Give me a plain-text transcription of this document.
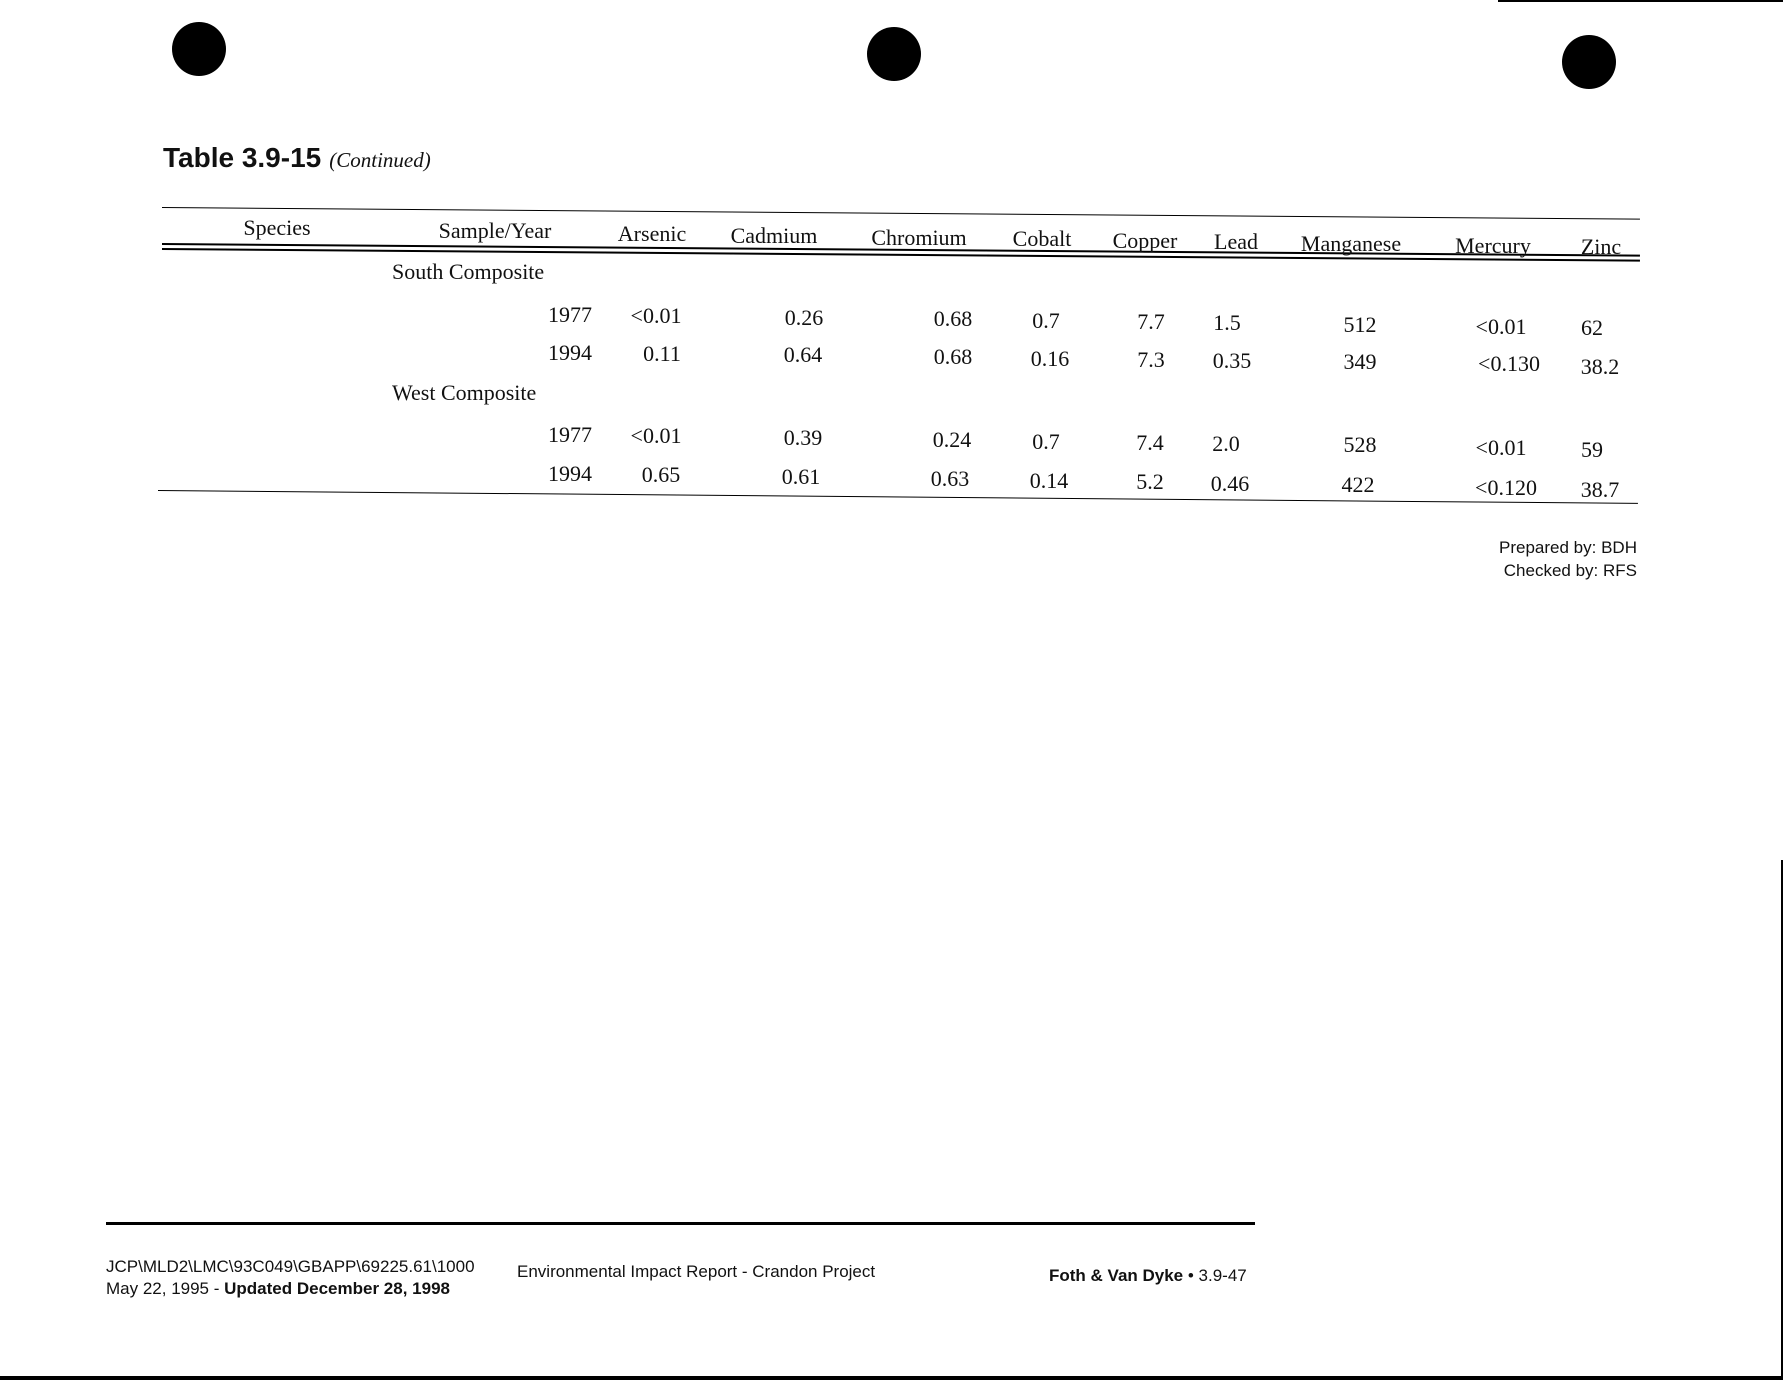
Table 3.9-15 (Continued)
Species	Sample/Year	Arsenic Cadmium Chromium Cobalt Copper Lead Manganese Mercury Zinc
South Composite
1977 <0.01	0.26	0.68	0.7	7.7 1.5	512	<0.01 62
1994 0.11	0.64	0.68	0.16	7.3 0.35	349	<0.130 38.2
West Composite
1977 <0.01	0.39	0.24	0.7	7.4 2.0	528	<0.01 59
1994 0.65	0.61	0.63	0.14	5.2 0.46	422	<0.120 38.7
Prepared by: BDH
Checked by: RFS
JCP\MLD2\LMC\93C049\GBAPP\69225.61\1000
May 22, 1995 - Updated December 28, 1998
Environmental Impact Report - Crandon Project	Foth & Van Dyke • 3.9-47
